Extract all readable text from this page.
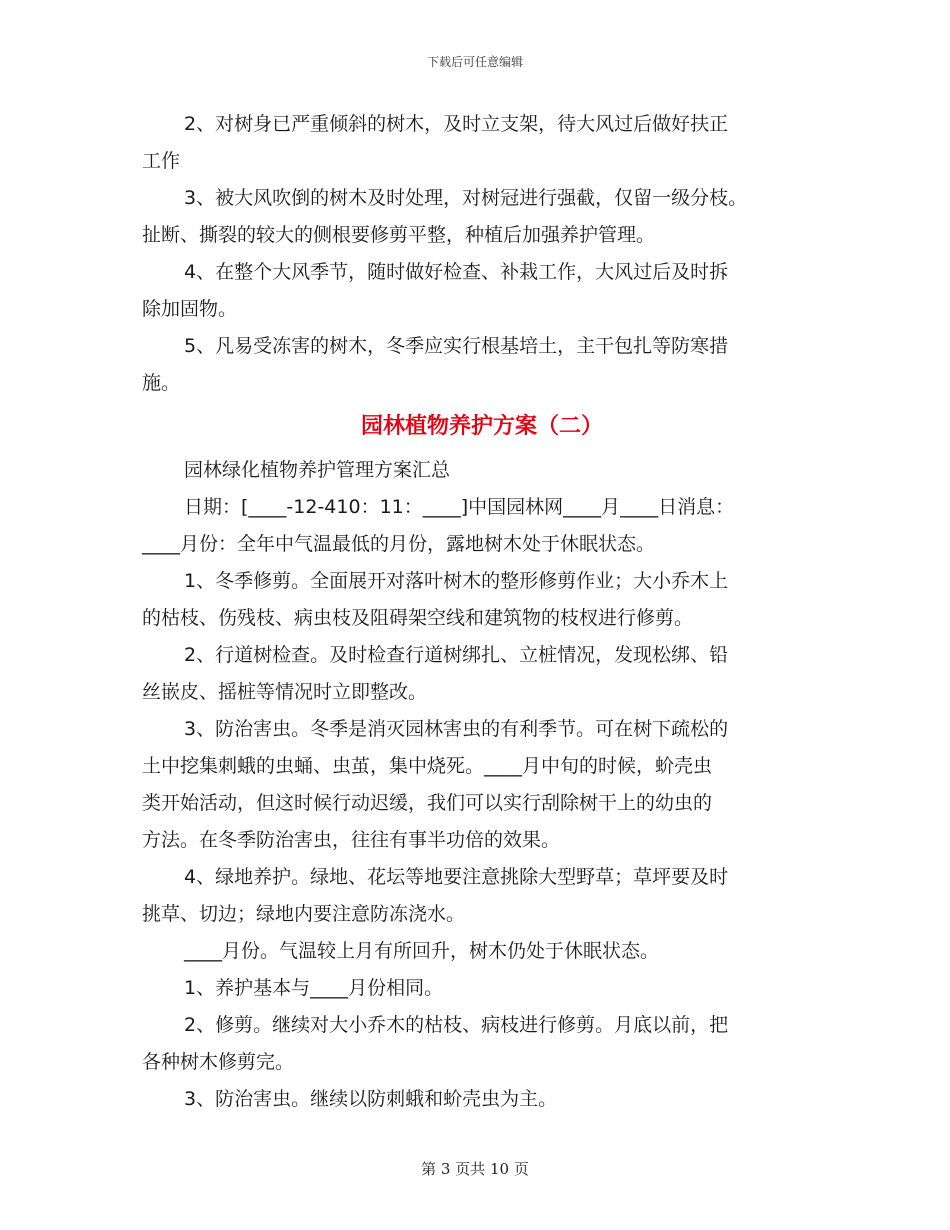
下载后可任意编辑
2、对树身已严重倾斜的树木，及时立支架，待大风过后做好扶正
工作
3、被大风吹倒的树木及时处理，对树冠进行强截，仅留一级分枝。
扯断、撕裂的较大的侧根要修剪平整，种植后加强养护管理。
4、在整个大风季节，随时做好检查、补栽工作，大风过后及时拆
除加固物。
5、凡易受冻害的树木，冬季应实行根基培土，主干包扎等防寒措
施。
园林植物养护方案（二）
园林绿化植物养护管理方案汇总
日期：[____-12-410：11：____]中国园林网____月____日消息：
____月份：全年中气温最低的月份，露地树木处于休眠状态。
1、冬季修剪。全面展开对落叶树木的整形修剪作业；大小乔木上
的枯枝、伤残枝、病虫枝及阻碍架空线和建筑物的枝杈进行修剪。
2、行道树检查。及时检查行道树绑扎、立桩情况，发现松绑、铅
丝嵌皮、摇桩等情况时立即整改。
3、防治害虫。冬季是消灭园林害虫的有利季节。可在树下疏松的
土中挖集刺蛾的虫蛹、虫茧，集中烧死。____月中旬的时候，蚧壳虫
类开始活动，但这时候行动迟缓，我们可以实行刮除树干上的幼虫的
方法。在冬季防治害虫，往往有事半功倍的效果。
4、绿地养护。绿地、花坛等地要注意挑除大型野草；草坪要及时
挑草、切边；绿地内要注意防冻浇水。
____月份。气温较上月有所回升，树木仍处于休眠状态。
1、养护基本与____月份相同。
2、修剪。继续对大小乔木的枯枝、病枝进行修剪。月底以前，把
各种树木修剪完。
3、防治害虫。继续以防刺蛾和蚧壳虫为主。
第 3 页共 10 页
